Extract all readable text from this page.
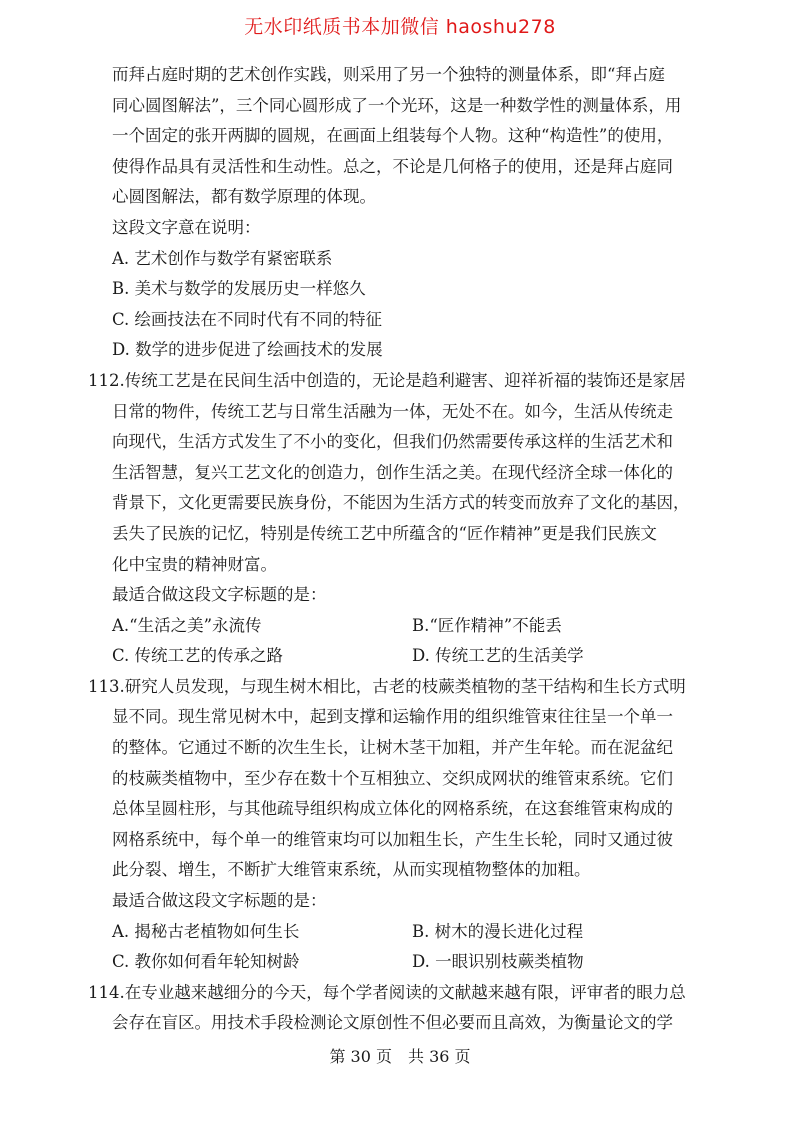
无水印纸质书本加微信 haoshu278

而拜占庭时期的艺术创作实践，则采用了另一个独特的测量体系，即“拜占庭
同心圆图解法”，三个同心圆形成了一个光环，这是一种数学性的测量体系，用
一个固定的张开两脚的圆规，在画面上组装每个人物。这种“构造性”的使用，
使得作品具有灵活性和生动性。总之，不论是几何格子的使用，还是拜占庭同
心圆图解法，都有数学原理的体现。

这段文字意在说明：
A. 艺术创作与数学有紧密联系
B. 美术与数学的发展历史一样悠久
C. 绘画技法在不同时代有不同的特征
D. 数学的进步促进了绘画技术的发展

112.传统工艺是在民间生活中创造的，无论是趋利避害、迎祥祈福的装饰还是家居
日常的物件，传统工艺与日常生活融为一体，无处不在。如今，生活从传统走
向现代，生活方式发生了不小的变化，但我们仍然需要传承这样的生活艺术和
生活智慧，复兴工艺文化的创造力，创作生活之美。在现代经济全球一体化的
背景下，文化更需要民族身份，不能因为生活方式的转变而放弃了文化的基因，
丢失了民族的记忆，特别是传统工艺中所蕴含的“匠作精神”更是我们民族文
化中宝贵的精神财富。

最适合做这段文字标题的是：
A.“生活之美”永流传	B.“匠作精神”不能丢
C. 传统工艺的传承之路	D. 传统工艺的生活美学

113.研究人员发现，与现生树木相比，古老的枝蕨类植物的茎干结构和生长方式明
显不同。现生常见树木中，起到支撑和运输作用的组织维管束往往呈一个单一
的整体。它通过不断的次生生长，让树木茎干加粗，并产生年轮。而在泥盆纪
的枝蕨类植物中，至少存在数十个互相独立、交织成网状的维管束系统。它们
总体呈圆柱形，与其他疏导组织构成立体化的网格系统，在这套维管束构成的
网格系统中，每个单一的维管束均可以加粗生长，产生生长轮，同时又通过彼
此分裂、增生，不断扩大维管束系统，从而实现植物整体的加粗。

最适合做这段文字标题的是：
A. 揭秘古老植物如何生长	B. 树木的漫长进化过程
C. 教你如何看年轮知树龄	D. 一眼识别枝蕨类植物

114.在专业越来越细分的今天，每个学者阅读的文献越来越有限，评审者的眼力总
会存在盲区。用技术手段检测论文原创性不但必要而且高效，为衡量论文的学

第 30 页　共 36 页
